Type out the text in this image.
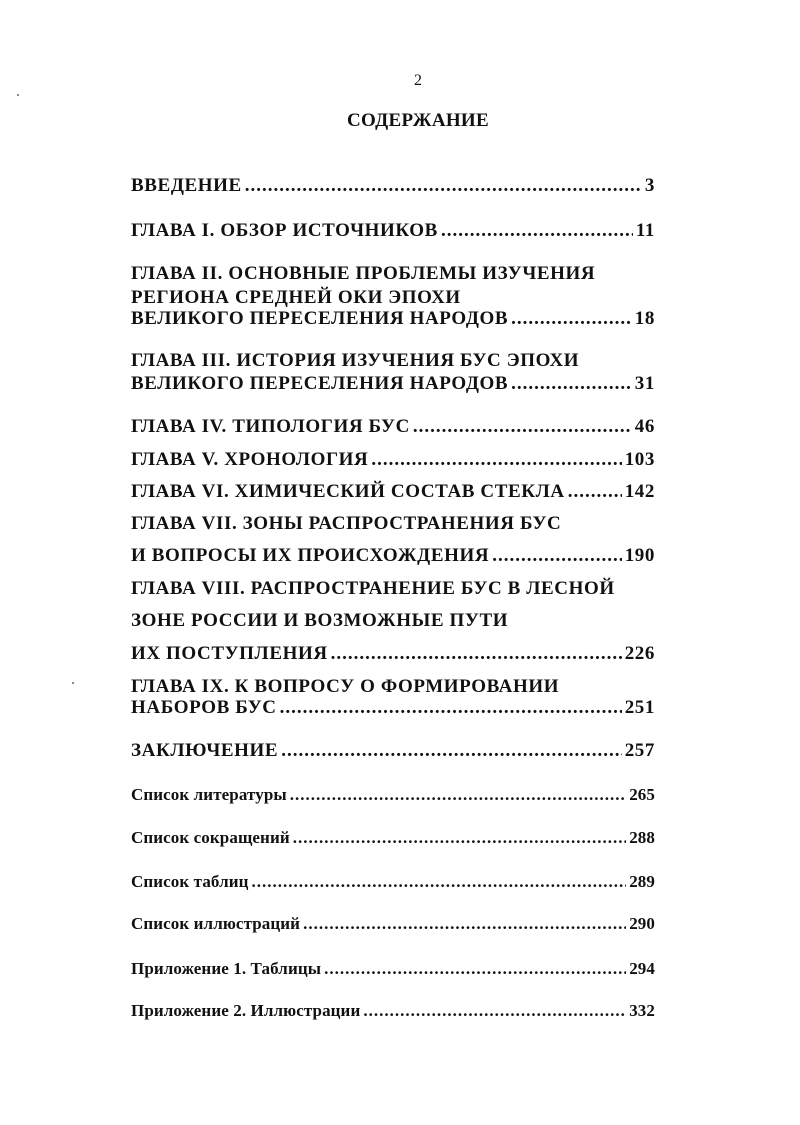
2
СОДЕРЖАНИЕ
ВВЕДЕНИЕ .....	3
ГЛАВА I. ОБЗОР ИСТОЧНИКОВ .....	11
ГЛАВА II. ОСНОВНЫЕ ПРОБЛЕМЫ ИЗУЧЕНИЯ
РЕГИОНА СРЕДНЕЙ ОКИ ЭПОХИ
ВЕЛИКОГО ПЕРЕСЕЛЕНИЯ НАРОДОВ .....	18
ГЛАВА III. ИСТОРИЯ ИЗУЧЕНИЯ БУС ЭПОХИ
ВЕЛИКОГО ПЕРЕСЕЛЕНИЯ НАРОДОВ .....	31
ГЛАВА IV. ТИПОЛОГИЯ БУС .....	46
ГЛАВА V. ХРОНОЛОГИЯ .....	103
ГЛАВА VI. ХИМИЧЕСКИЙ СОСТАВ СТЕКЛА .....	142
ГЛАВА VII. ЗОНЫ РАСПРОСТРАНЕНИЯ БУС
И ВОПРОСЫ ИХ ПРОИСХОЖДЕНИЯ .....	190
ГЛАВА VIII. РАСПРОСТРАНЕНИЕ БУС В ЛЕСНОЙ
ЗОНЕ РОССИИ И ВОЗМОЖНЫЕ ПУТИ
ИХ ПОСТУПЛЕНИЯ .....	226
ГЛАВА IX. К ВОПРОСУ О ФОРМИРОВАНИИ
НАБОРОВ БУС .....	251
ЗАКЛЮЧЕНИЕ .....	257
Список литературы .....	265
Список сокращений .....	288
Список таблиц .....	289
Список иллюстраций .....	290
Приложение 1. Таблицы .....	294
Приложение 2. Иллюстрации .....	332
